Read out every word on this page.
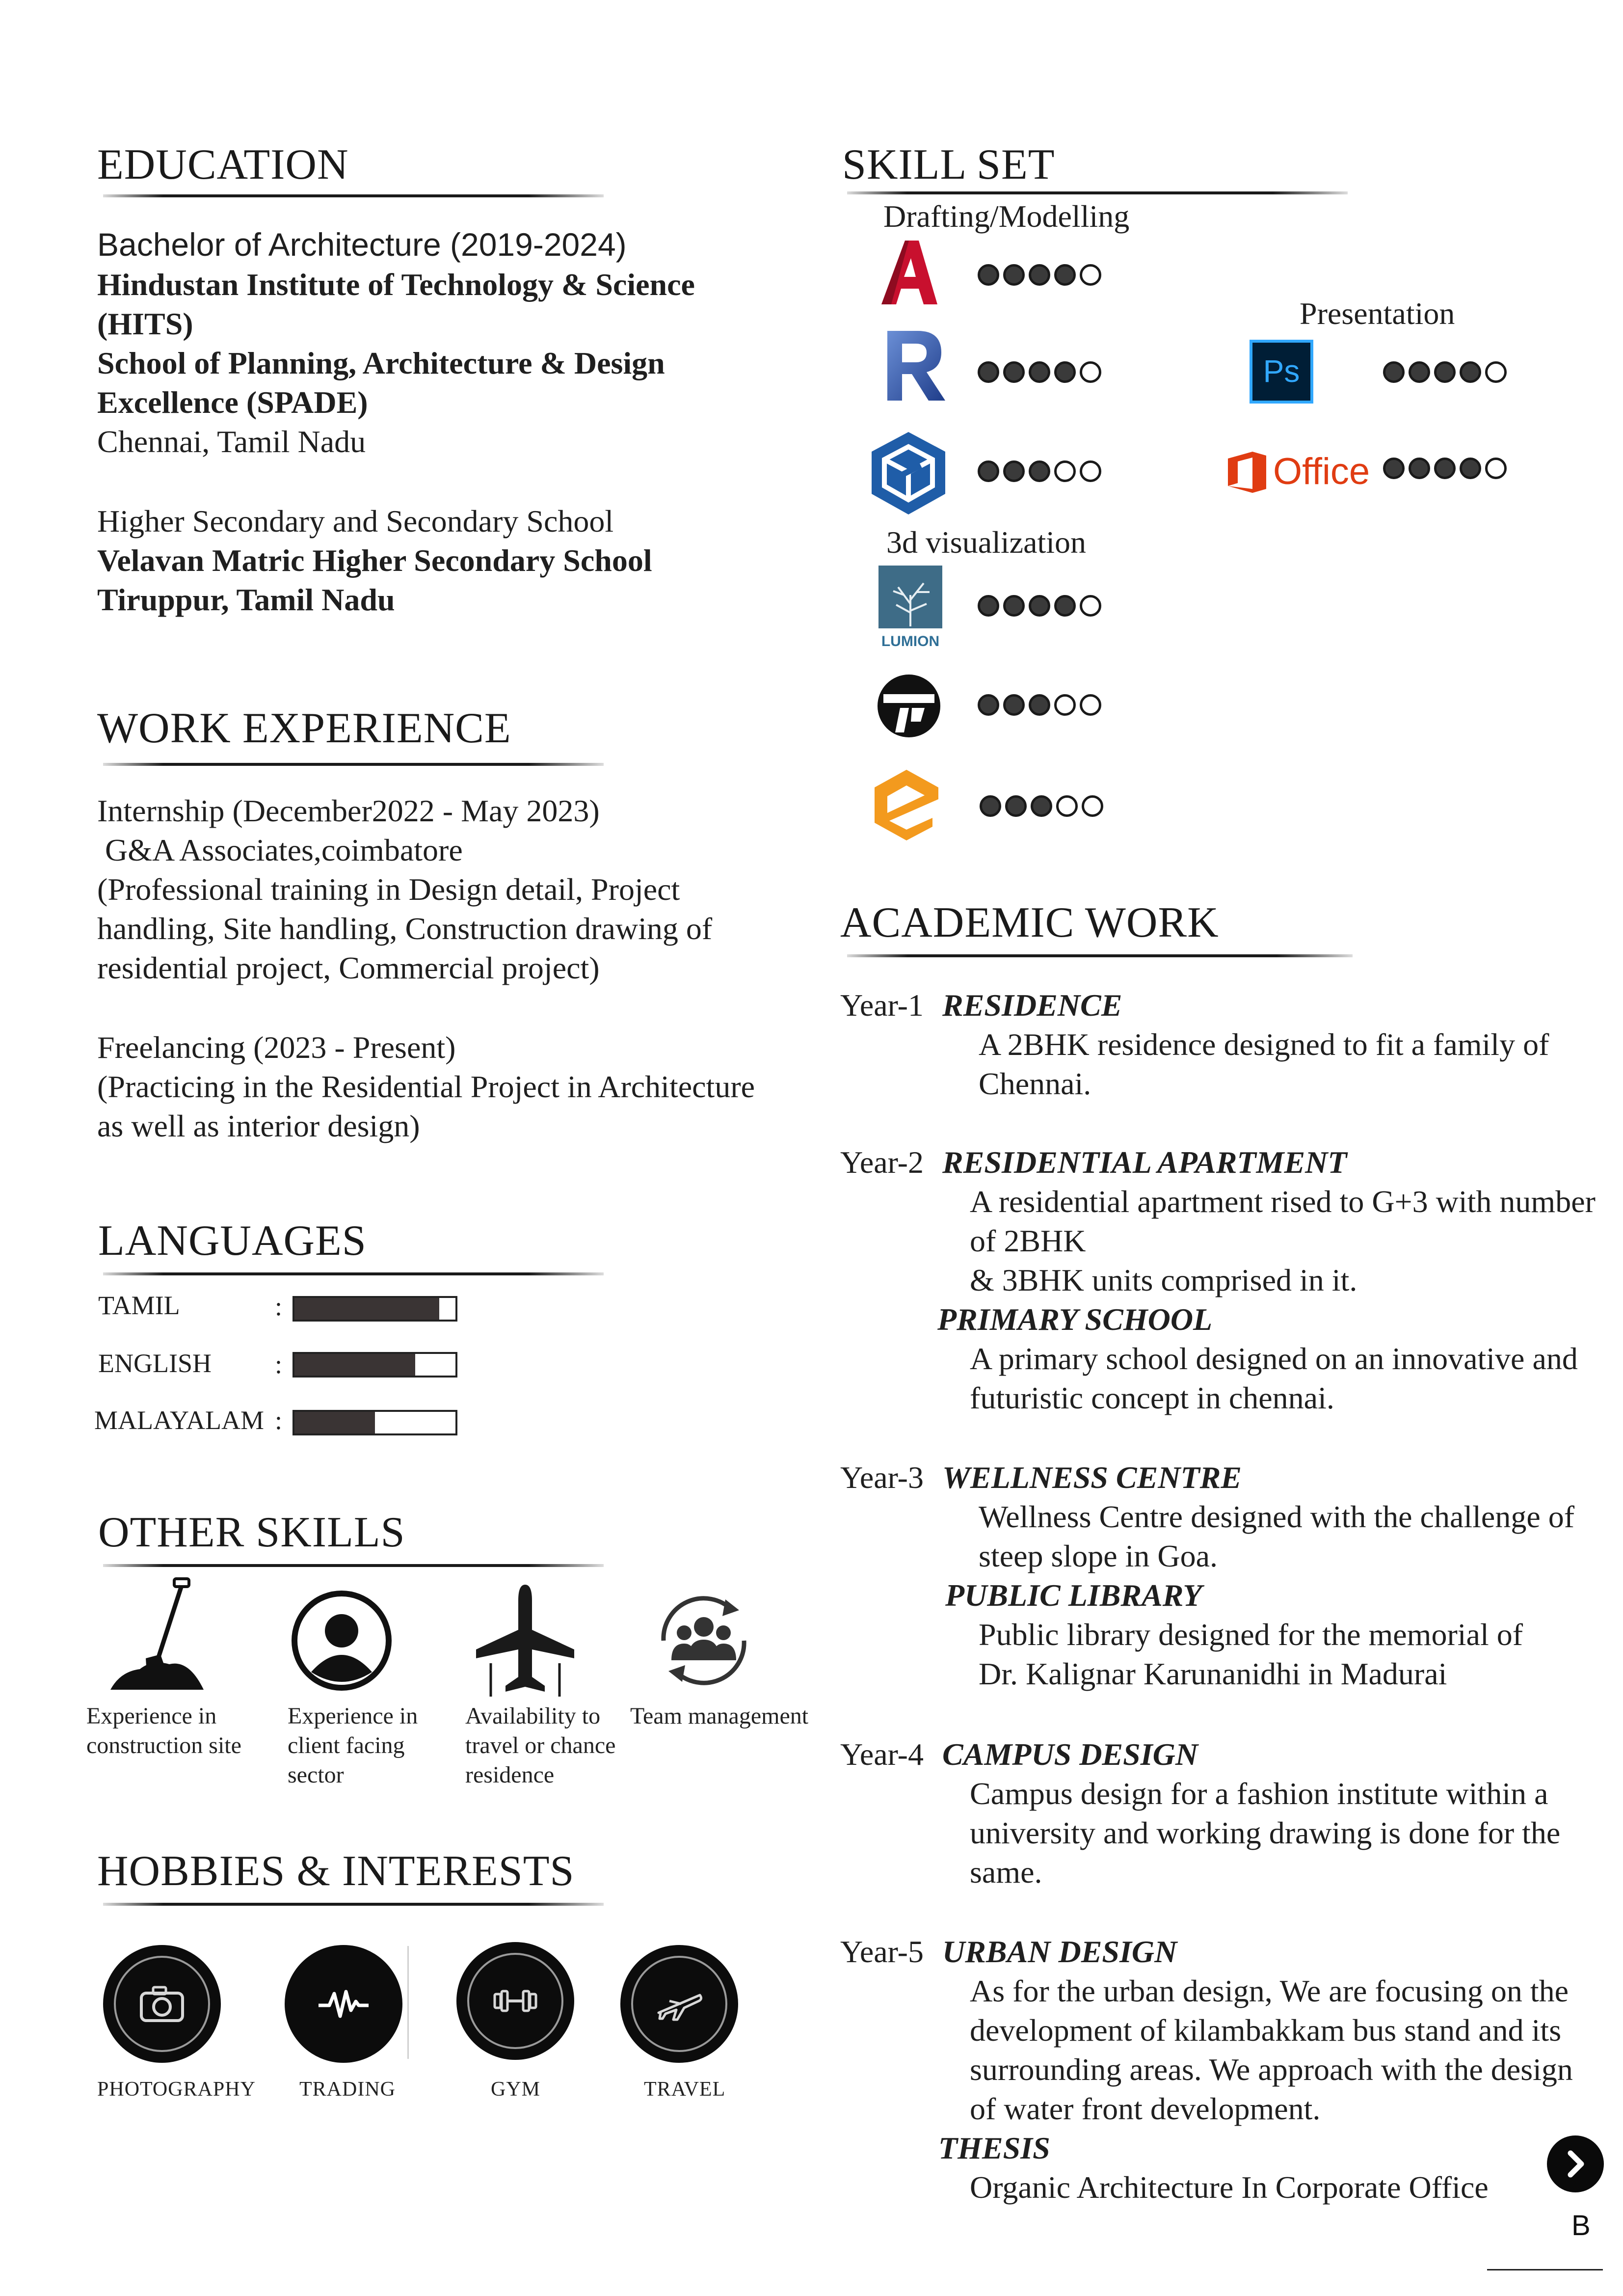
EDUCATION
Bachelor of Architecture (2019-2024)
Hindustan Institute of Technology & Science
(HITS)
School of Planning, Architecture & Design
Excellence (SPADE)
Chennai, Tamil Nadu
Higher Secondary and Secondary School
Velavan Matric Higher Secondary School
Tiruppur, Tamil Nadu
WORK EXPERIENCE
Internship (December2022 - May 2023)
G&A Associates,coimbatore
(Professional training in Design detail, Project
handling, Site handling, Construction drawing of
residential project, Commercial project)
Freelancing (2023 - Present)
(Practicing in the Residential Project in Architecture
as well as interior design)
LANGUAGES
TAMIL	:
ENGLISH :
MALAYALAM :
OTHER SKILLS
Experience in
construction site
Experience in
client facing
sector
Availability to
travel or chance
residence
Team management
HOBBIES & INTERESTS
PHOTOGRAPHY TRADING	GYM	TRAVEL
SKILL SET
Drafting/Modelling
Presentation
3d visualization
Ps
Office
LUMION
ACADEMIC WORK
Year-1 RESIDENCE
A 2BHK residence designed to fit a family of
Chennai.
Year-2 RESIDENTIAL APARTMENT
A residential apartment rised to G+3 with number
of 2BHK
& 3BHK units comprised in it.
PRIMARY SCHOOL
A primary school designed on an innovative and
futuristic concept in chennai.
Year-3 WELLNESS CENTRE
Wellness Centre designed with the challenge of
steep slope in Goa.
PUBLIC LIBRARY
Public library designed for the memorial of
Dr. Kalignar Karunanidhi in Madurai
Year-4 CAMPUS DESIGN
Campus design for a fashion institute within a
university and working drawing is done for the
same.
Year-5 URBAN DESIGN
As for the urban design, We are focusing on the
development of kilambakkam bus stand and its
surrounding areas. We approach with the design
of water front development.
THESIS
Organic Architecture In Corporate Office
B
